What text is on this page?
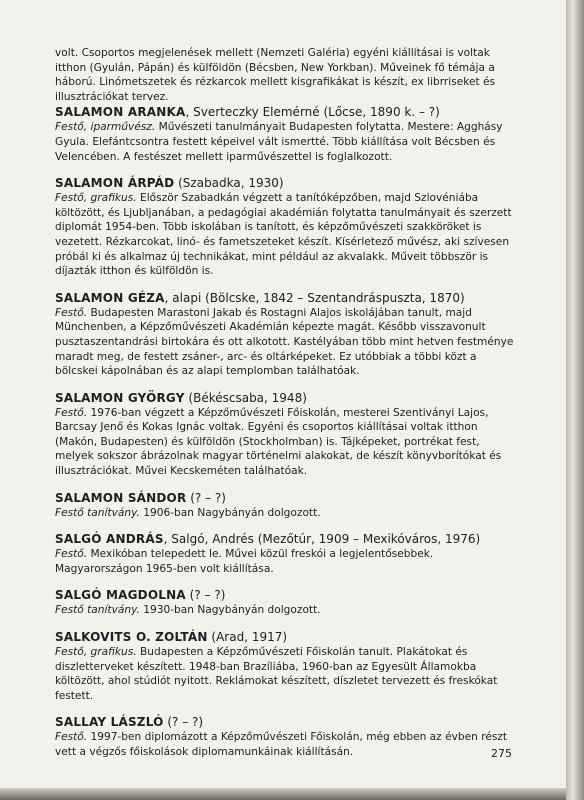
volt. Csoportos megjelenések mellett (Nemzeti Galéria) egyéni kiállításai is voltak itthon (Gyulán, Pápán) és külföldön (Bécsben, New Yorkban). Műveinek fő témája a háború. Linómetszetek és rézkarcok mellett kisgrafikákat is készít, ex librriseket és illusztrációkat tervez.

SALAMON ARANKA, Sverteczky Elemérné (Lőcse, 1890 k. – ?)

Festő, iparművész. Művészeti tanulmányait Budapesten folytatta. Mestere: Agghásy Gyula. Elefántcsontra festett képeivel vált ismertté. Több kiállítása volt Bécsben és Velencében. A festészet mellett iparművészettel is foglalkozott.

SALAMON ÁRPÁD (Szabadka, 1930)

Festő, grafikus. Először Szabadkán végzett a tanítóképzőben, majd Szlovéniába költözött, és Ljubljanában, a pedagógiai akadémián folytatta tanulmányait és szerzett diplomát 1954-ben. Több iskolában is tanított, és képzőművészeti szakköröket is vezetett. Rézkarcokat, linó- és fametszeteket készít. Kísérletező művész, aki szívesen próbál ki és alkalmaz új technikákat, mint például az akvalakk. Műveit többször is díjazták itthon és külföldön is.

SALAMON GÉZA, alapi (Bölcske, 1842 – Szentandráspuszta, 1870)

Festő. Budapesten Marastoni Jakab és Rostagni Alajos iskolájában tanult, majd Münchenben, a Képzőművészeti Akadémián képezte magát. Később visszavonult pusztaszentandrási birtokára és ott alkotott. Kastélyában több mint hetven festménye maradt meg, de festett zsáner-, arc- és oltárképeket. Ez utóbbiak a többi közt a bölcskei kápolnában és az alapi templomban találhatóak.

SALAMON GYÖRGY (Békéscsaba, 1948)

Festő. 1976-ban végzett a Képzőművészeti Főiskolán, mesterei Szentiványi Lajos, Barcsay Jenő és Kokas Ignác voltak. Egyéni és csoportos kiállításai voltak itthon (Makón, Budapesten) és külföldön (Stockholmban) is. Tájképeket, portrékat fest, melyek sokszor ábrázolnak magyar történelmi alakokat, de készít könyvborítókat és illusztrációkat. Művei Kecskeméten találhatóak.

SALAMON SÁNDOR (? – ?)

Festő tanítvány. 1906-ban Nagybányán dolgozott.

SALGÓ ANDRÁS, Salgó, Andrés (Mezőtúr, 1909 – Mexikóváros, 1976)

Festő. Mexikóban telepedett le. Művei közül freskói a legjelentősebbek. Magyarországon 1965-ben volt kiállítása.

SALGÓ MAGDOLNA (? – ?)

Festő tanítvány. 1930-ban Nagybányán dolgozott.

SALKOVITS O. ZOLTÁN (Arad, 1917)

Festő, grafikus. Budapesten a Képzőművészeti Főiskolán tanult. Plakátokat és diszletterveket készített. 1948-ban Brazíliába, 1960-ban az Egyesült Államokba költözött, ahol stúdiót nyitott. Reklámokat készített, díszletet tervezett és freskókat festett.

SALLAY LÁSZLÓ (? – ?)

Festő. 1997-ben diplomázott a Képzőművészeti Főiskolán, még ebben az évben részt vett a végzős főiskolások diplomamunkáinak kiállításán.	275
